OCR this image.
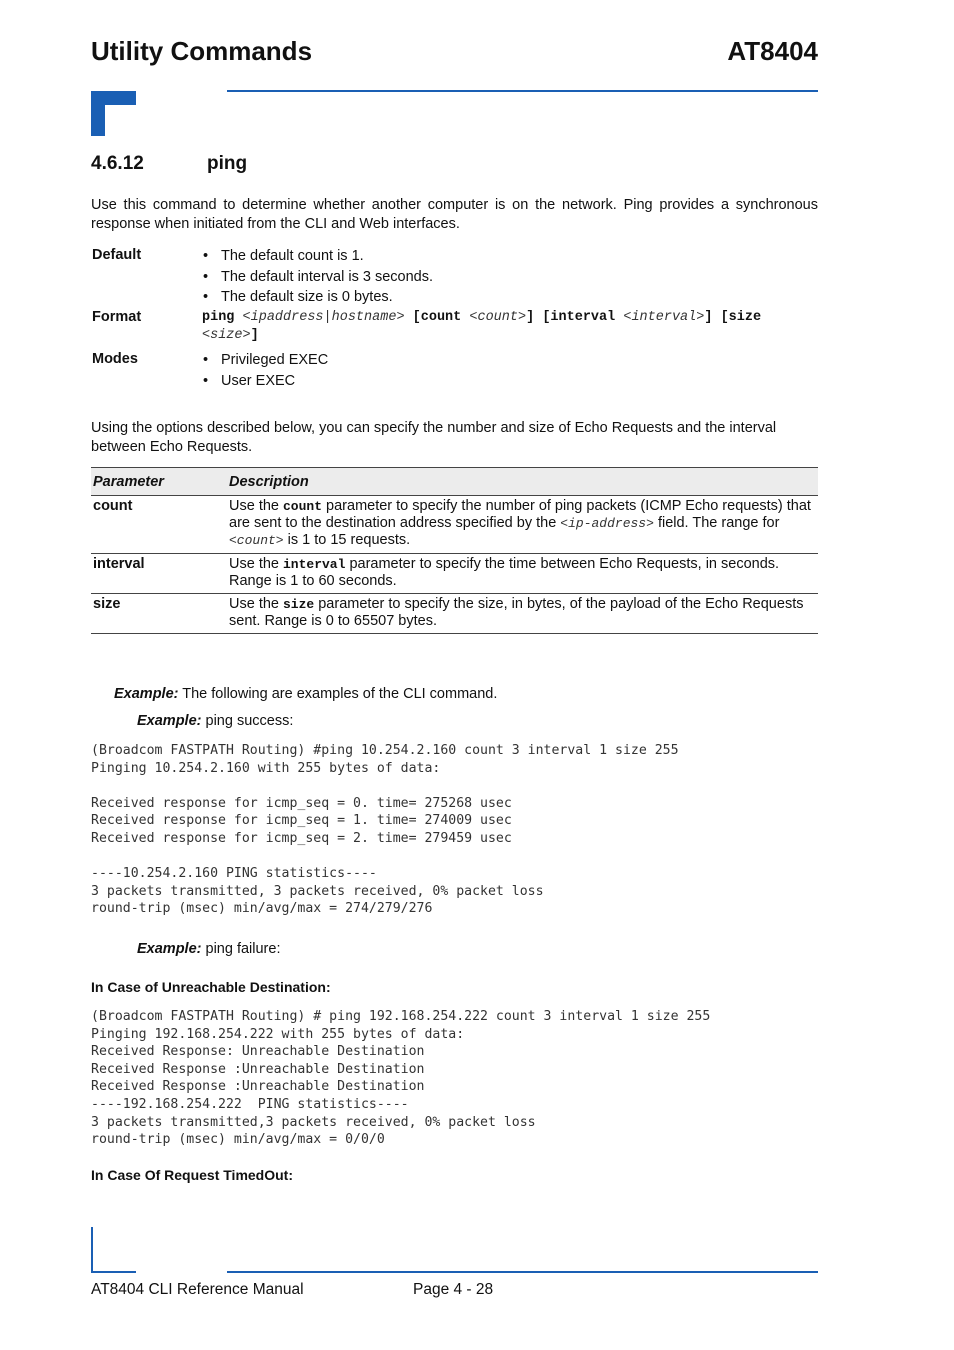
Utility Commands	AT8404
4.6.12	ping
Use this command to determine whether another computer is on the network. Ping provides a synchronous response when initiated from the CLI and Web interfaces.
Default	• The default count is 1.
• The default interval is 3 seconds.
• The default size is 0 bytes.
Format	ping <ipaddress|hostname> [count <count>] [interval <interval>] [size <size>]
Modes	• Privileged EXEC
• User EXEC
Using the options described below, you can specify the number and size of Echo Requests and the interval between Echo Requests.
Parameter	Description
count	Use the count parameter to specify the number of ping packets (ICMP Echo requests) that are sent to the destination address specified by the <ip-address> field. The range for <count> is 1 to 15 requests.
interval	Use the interval parameter to specify the time between Echo Requests, in seconds. Range is 1 to 60 seconds.
size	Use the size parameter to specify the size, in bytes, of the payload of the Echo Requests sent. Range is 0 to 65507 bytes.
Example: The following are examples of the CLI command.
Example: ping success:
(Broadcom FASTPATH Routing) #ping 10.254.2.160 count 3 interval 1 size 255
Pinging 10.254.2.160 with 255 bytes of data:

Received response for icmp_seq = 0. time= 275268 usec
Received response for icmp_seq = 1. time= 274009 usec
Received response for icmp_seq = 2. time= 279459 usec

----10.254.2.160 PING statistics----
3 packets transmitted, 3 packets received, 0% packet loss
round-trip (msec) min/avg/max = 274/279/276
Example: ping failure:
In Case of Unreachable Destination:
(Broadcom FASTPATH Routing) # ping 192.168.254.222 count 3 interval 1 size 255
Pinging 192.168.254.222 with 255 bytes of data:
Received Response: Unreachable Destination
Received Response :Unreachable Destination
Received Response :Unreachable Destination
----192.168.254.222  PING statistics----
3 packets transmitted,3 packets received, 0% packet loss
round-trip (msec) min/avg/max = 0/0/0
In Case Of Request TimedOut:
AT8404 CLI Reference Manual	Page 4 - 28
